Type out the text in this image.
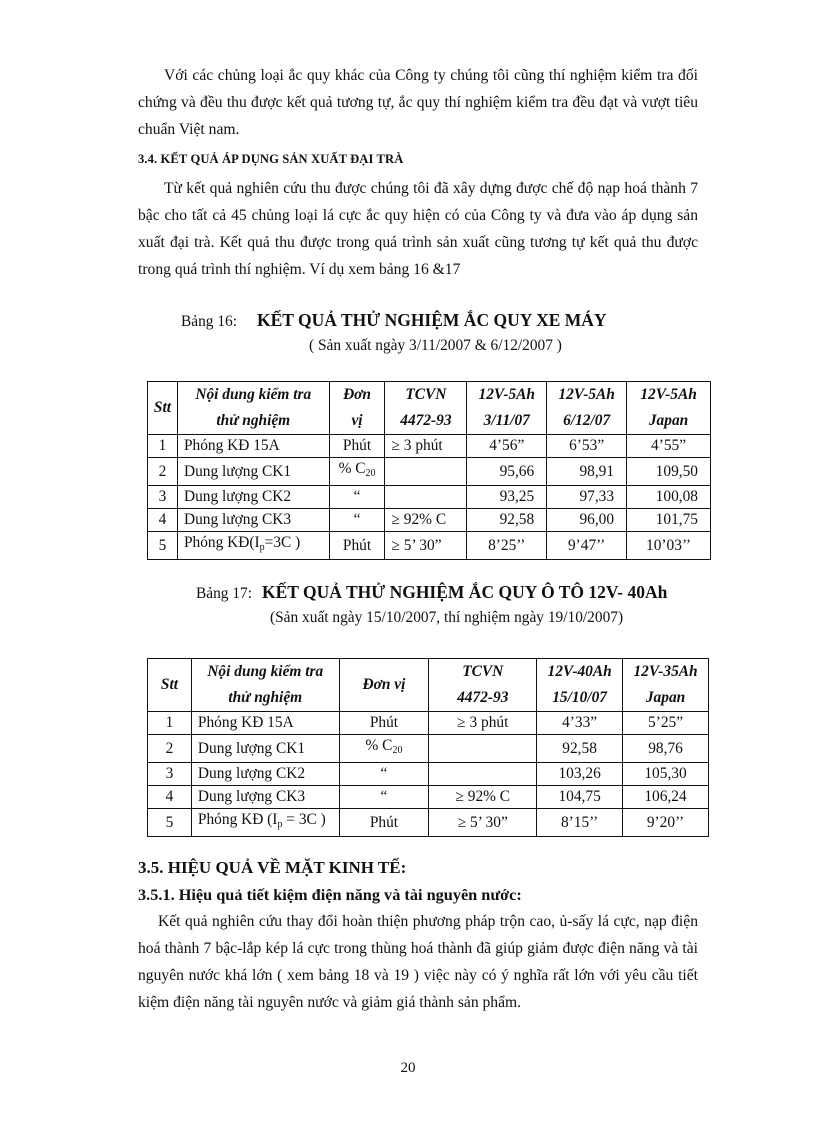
Với các chủng loại ắc quy khác của Công ty chúng tôi cũng thí nghiệm kiểm tra đối chứng và đều thu được kết quả tương tự, ắc quy thí nghiệm kiểm tra đều đạt và vượt tiêu chuẩn Việt nam.

3.4. KẾT QUẢ ÁP DỤNG SẢN XUẤT ĐẠI TRÀ

Từ kết quả nghiên cứu thu được chúng tôi đã xây dựng được chế độ nạp hoá thành 7 bậc cho tất cả 45 chủng loại lá cực ắc quy hiện có của Công ty và đưa vào áp dụng sản xuất đại trà. Kết quả thu được trong quá trình sản xuất cũng tương tự kết quả thu được trong quá trình thí nghiệm. Ví dụ xem bảng 16 &17

Bảng 16: KẾT QUẢ THỬ NGHIỆM ẮC QUY XE MÁY
( Sản xuất ngày 3/11/2007 & 6/12/2007 )
Stt	Nội dung kiểm tra	Đơn	TCVN	12V-5Ah	12V-5Ah	12V-5Ah
	thử nghiệm	vị	4472-93	3/11/07	6/12/07	Japan
1	Phóng KĐ 15A	Phút	≥ 3 phút	4’56”	6’53”	4’55”
2	Dung lượng CK1	% $C_{20}$		95,66	98,91	109,50
3	Dung lượng CK2	“		93,25	97,33	100,08
4	Dung lượng CK3	“	≥ 92% C	92,58	96,00	101,75
5	Phóng $KĐ(I_p=3C$ )	Phút	≥ 5’ 30”	8’25’’	9’47’’	10’03’’
Bảng 17: KẾT QUẢ THỬ NGHIỆM ẮC QUY Ô TÔ 12V- 40Ah
(Sản xuất ngày 15/10/2007, thí nghiệm ngày 19/10/2007)
Stt	Nội dung kiểm tra	Đơn vị	TCVN	12V-40Ah	12V-35Ah
	thử nghiệm		4472-93	15/10/07	Japan
1	Phóng KĐ 15A	Phút	≥ 3 phút	4’33”	5’25”
2	Dung lượng CK1	% $C_{20}$		92,58	98,76
3	Dung lượng CK2	“		103,26	105,30
4	Dung lượng CK3	“	≥ 92% C	104,75	106,24
5	Phóng KĐ ($I_p = 3C$ )	Phút	≥ 5’ 30”	8’15’’	9’20’’

3.5. HIỆU QUẢ VỀ MẶT KINH TẾ:

3.5.1. Hiệu quả tiết kiệm điện năng và tài nguyên nước:

Kết quả nghiên cứu thay đổi hoàn thiện phương pháp trộn cao, ủ-sấy lá cực, nạp điện hoá thành 7 bậc-lắp kép lá cực trong thùng hoá thành đã giúp giảm được điện năng và tài nguyên nước khá lớn ( xem bảng 18 và 19 ) việc này có ý nghĩa rất lớn với yêu cầu tiết kiệm điện năng tài nguyên nước và giảm giá thành sản phẩm.

20
